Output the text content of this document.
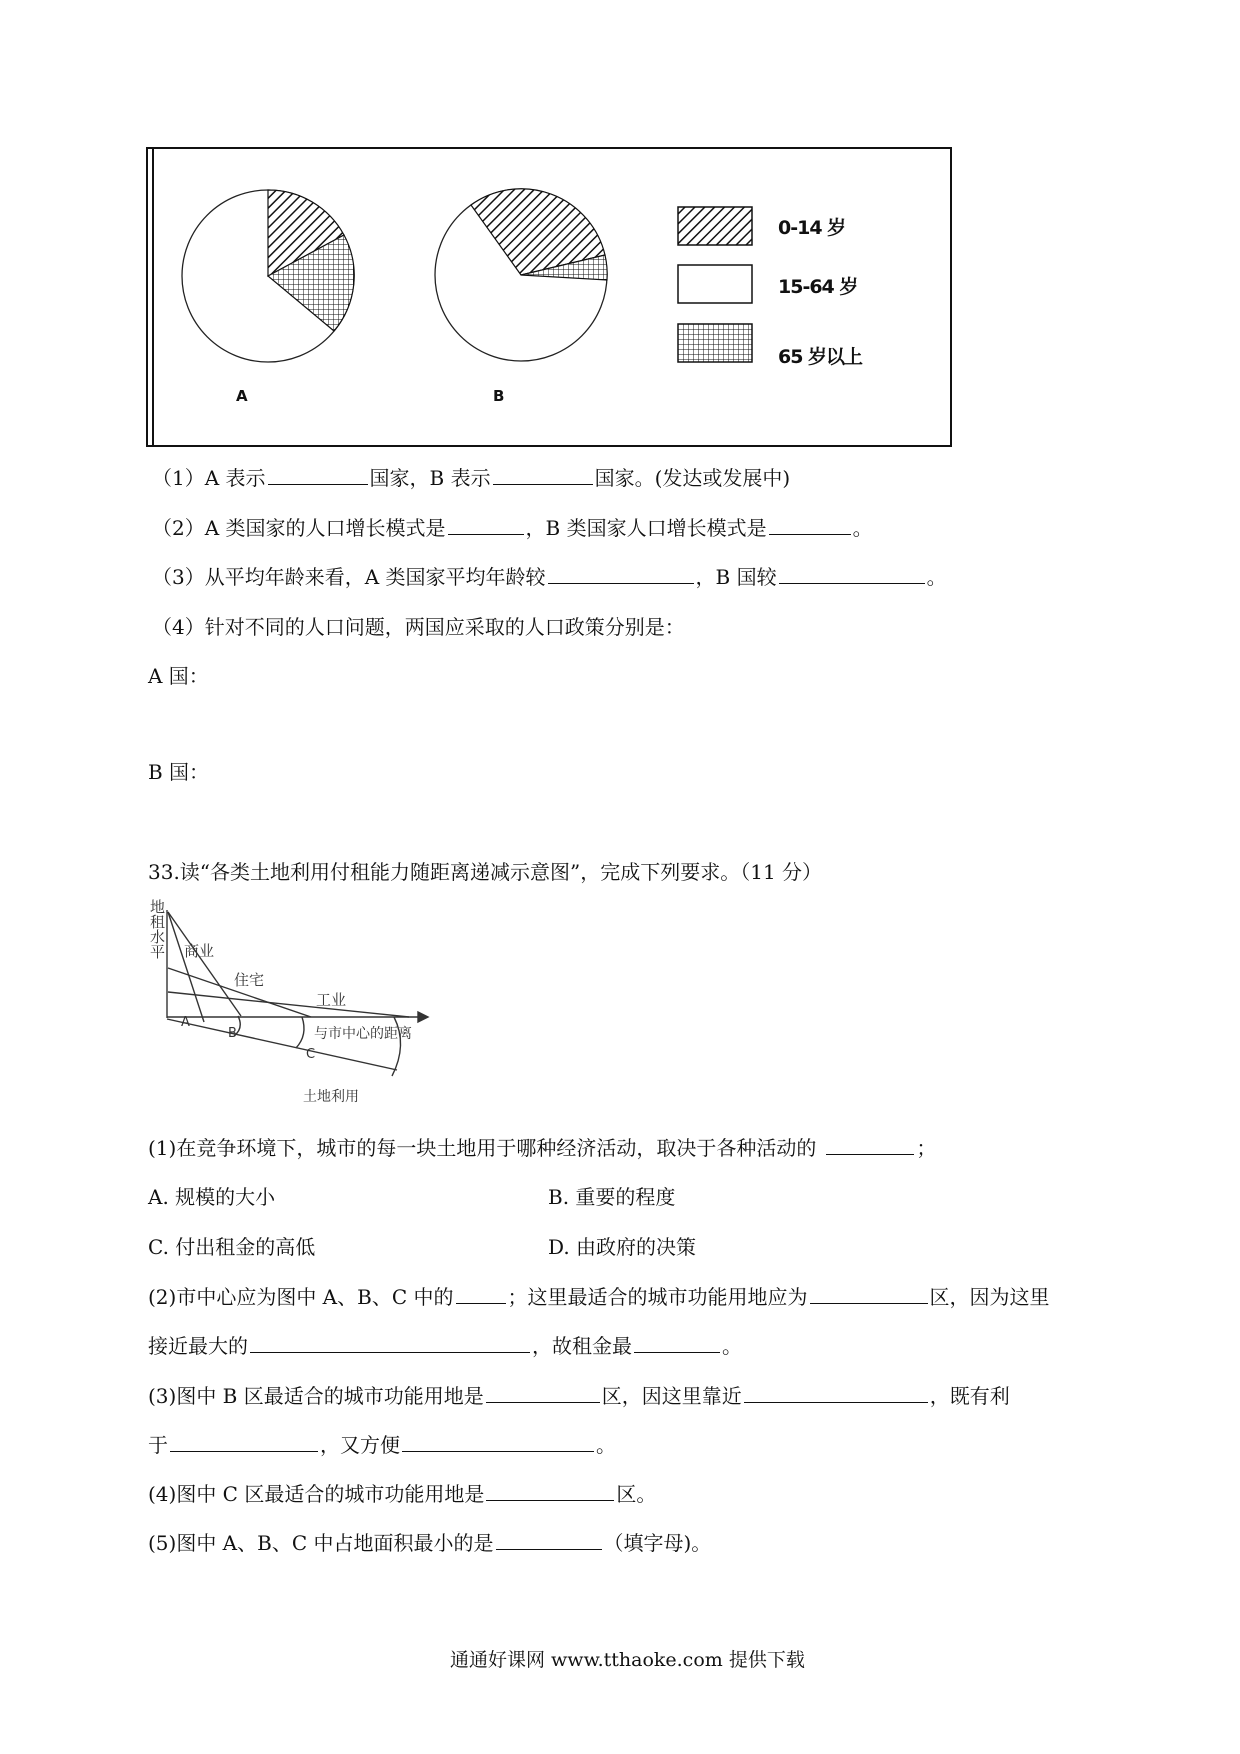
A	B
0-14 岁
15-64 岁
65 岁以上
（1）A 表示	国家，B 表示	国家。(发达或发展中)
（2）A 类国家的人口增长模式是	，B 类国家人口增长模式是	。
（3）从平均年龄来看，A 类国家平均年龄较	，B 国较	。
（4）针对不同的人口问题，两国应采取的人口政策分别是：
A 国：
B 国：
33.读“各类土地利用付租能力随距离递减示意图”，完成下列要求。（11 分）
地
租
水
平 商业
住宅
工业
与市中心的距离
A
B
C
土地利用
(1)在竞争环境下，城市的每一块土地用于哪种经济活动，取决于各种活动的	；
A. 规模的大小	B. 重要的程度
C. 付出租金的高低	D. 由政府的决策
(2)市中心应为图中 A、B、C 中的	；这里最适合的城市功能用地应为	区，因为这里
接近最大的	，故租金最	。
(3)图中 B 区最适合的城市功能用地是	区，因这里靠近	，既有利
于	，又方便	。
(4)图中 C 区最适合的城市功能用地是	区。
(5)图中 A、B、C 中占地面积最小的是	（填字母)。
通通好课网 www.tthaoke.com 提供下载
